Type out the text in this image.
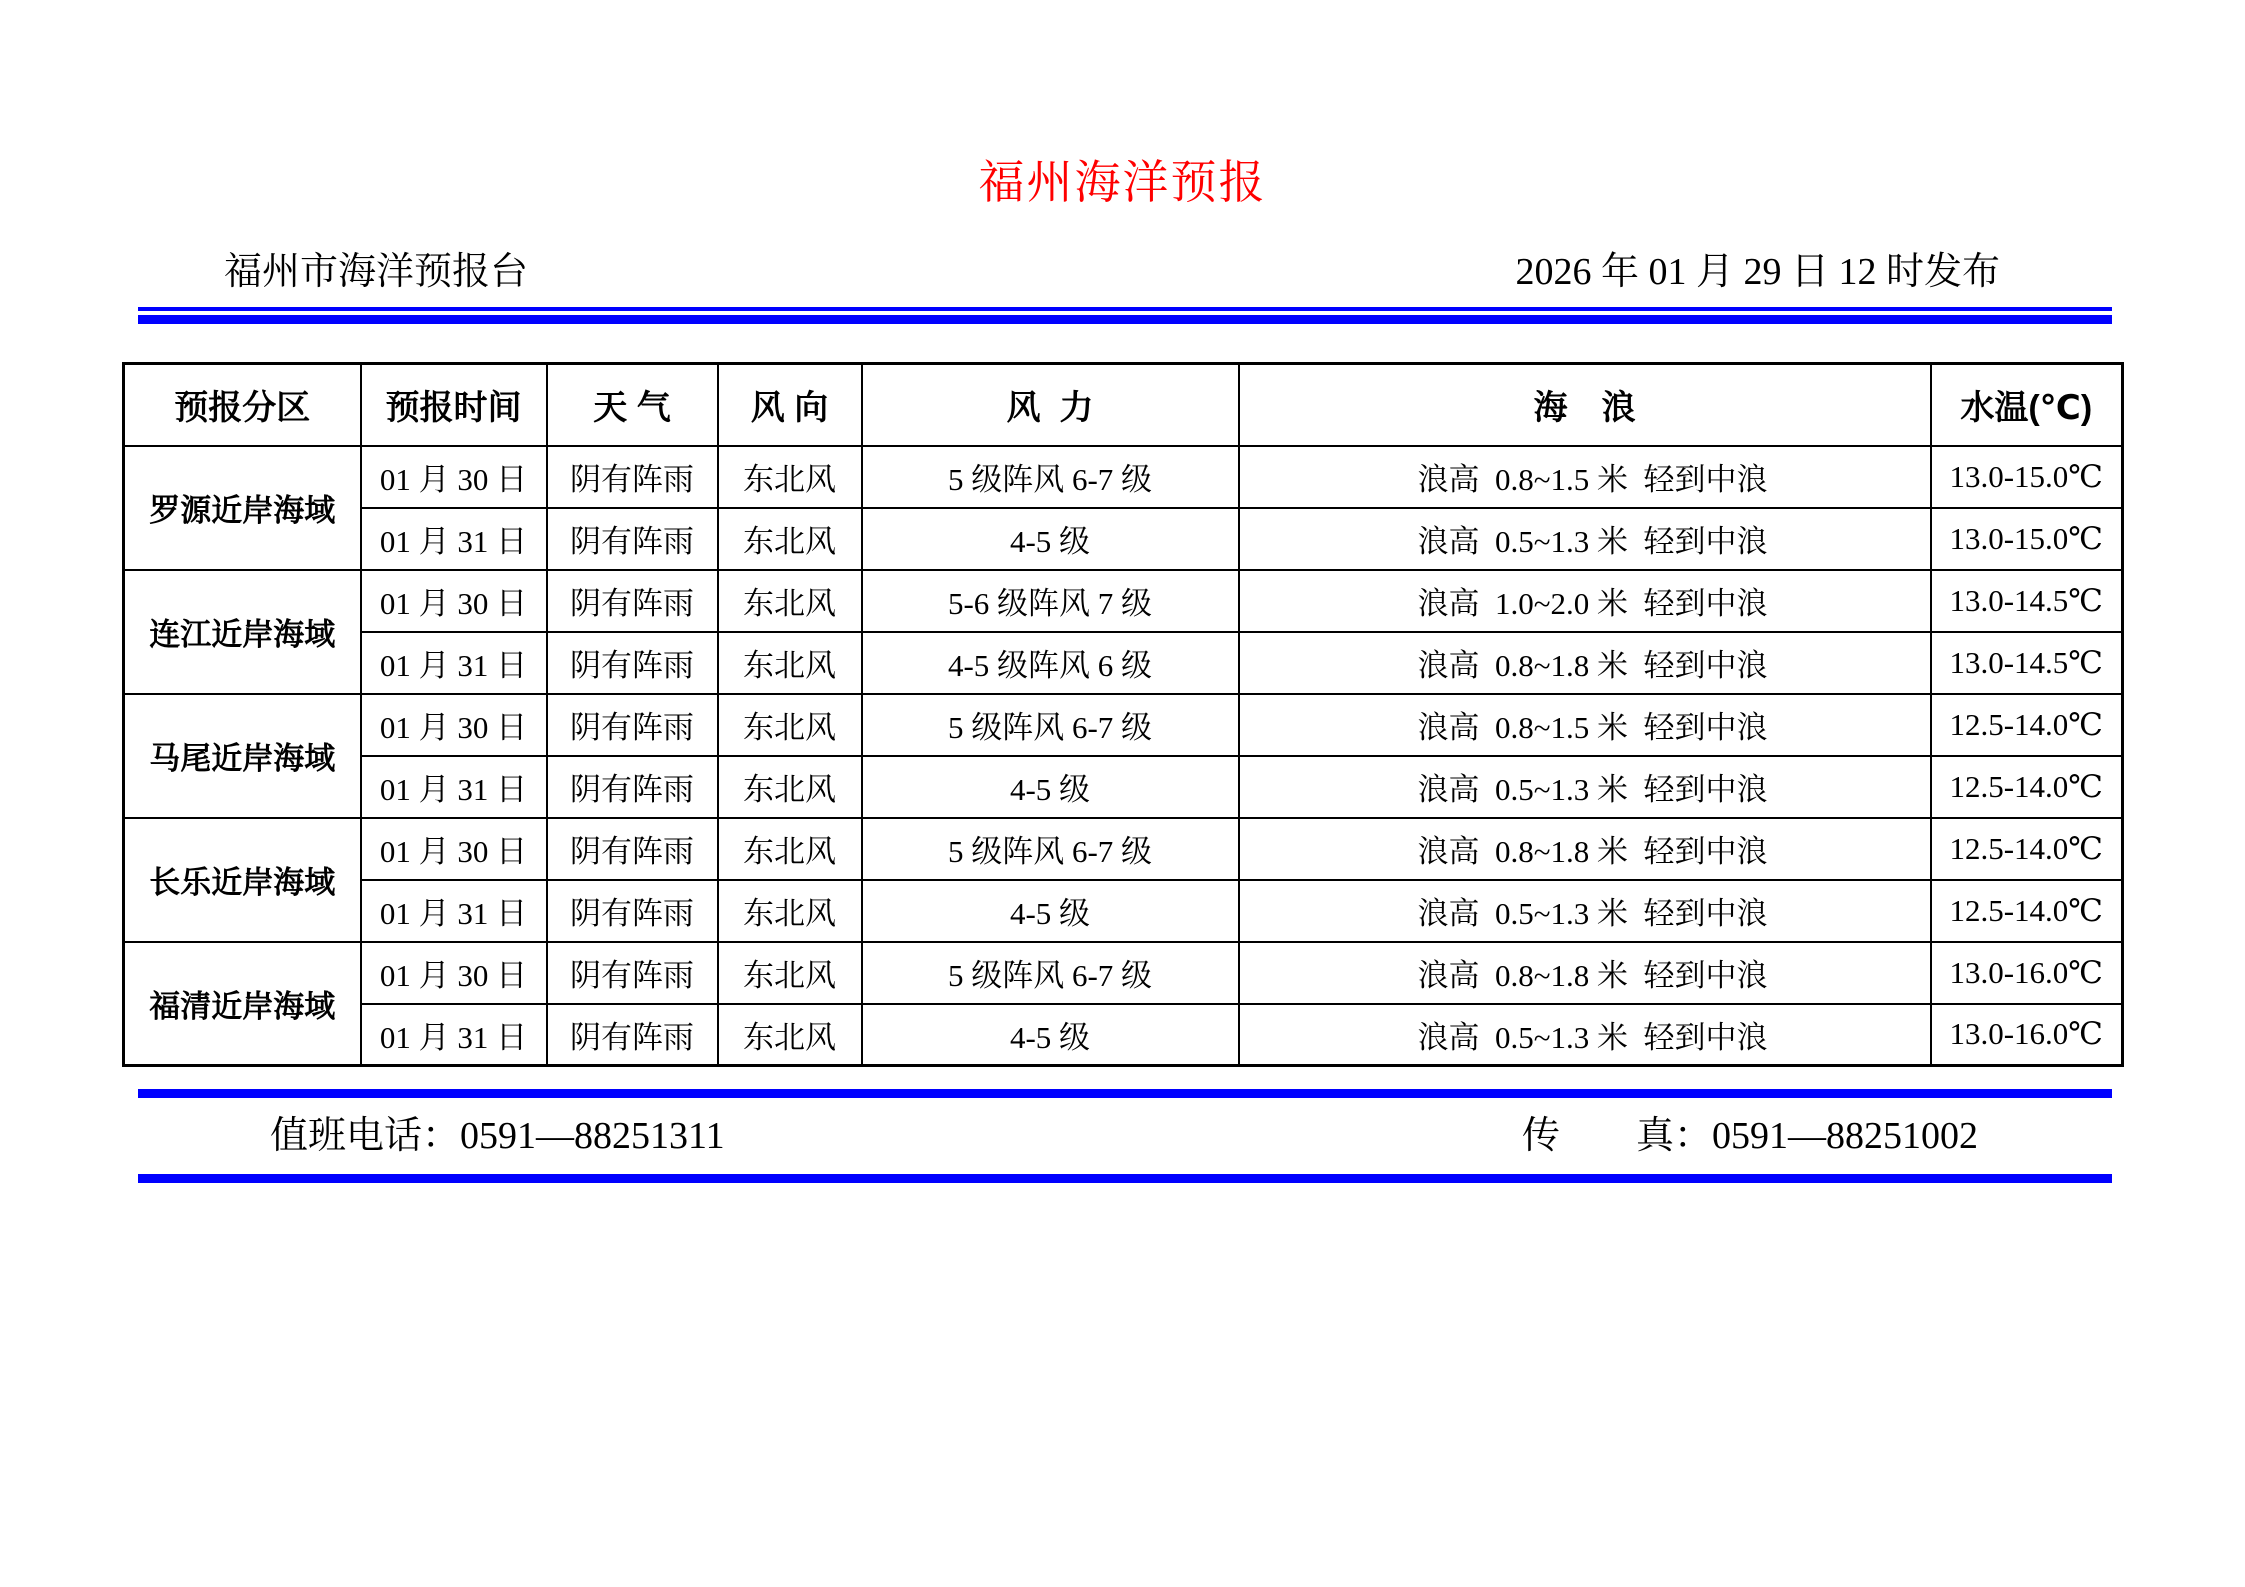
福州海洋预报
福州市海洋预报台	2026 年 01 月 29 日 12 时发布
预报分区	预报时间	天 气	风 向	风  力	海　浪	水温(℃)
罗源近岸海域	01 月 30 日	阴有阵雨	东北风	5 级阵风 6-7 级	浪高  0.8~1.5 米  轻到中浪	13.0-15.0℃
	01 月 31 日	阴有阵雨	东北风	4-5 级	浪高  0.5~1.3 米  轻到中浪	13.0-15.0℃
连江近岸海域	01 月 30 日	阴有阵雨	东北风	5-6 级阵风 7 级	浪高  1.0~2.0 米  轻到中浪	13.0-14.5℃
	01 月 31 日	阴有阵雨	东北风	4-5 级阵风 6 级	浪高  0.8~1.8 米  轻到中浪	13.0-14.5℃
马尾近岸海域	01 月 30 日	阴有阵雨	东北风	5 级阵风 6-7 级	浪高  0.8~1.5 米  轻到中浪	12.5-14.0℃
	01 月 31 日	阴有阵雨	东北风	4-5 级	浪高  0.5~1.3 米  轻到中浪	12.5-14.0℃
长乐近岸海域	01 月 30 日	阴有阵雨	东北风	5 级阵风 6-7 级	浪高  0.8~1.8 米  轻到中浪	12.5-14.0℃
	01 月 31 日	阴有阵雨	东北风	4-5 级	浪高  0.5~1.3 米  轻到中浪	12.5-14.0℃
福清近岸海域	01 月 30 日	阴有阵雨	东北风	5 级阵风 6-7 级	浪高  0.8~1.8 米  轻到中浪	13.0-16.0℃
	01 月 31 日	阴有阵雨	东北风	4-5 级	浪高  0.5~1.3 米  轻到中浪	13.0-16.0℃
值班电话：0591—88251311	传　　真：0591—88251002
